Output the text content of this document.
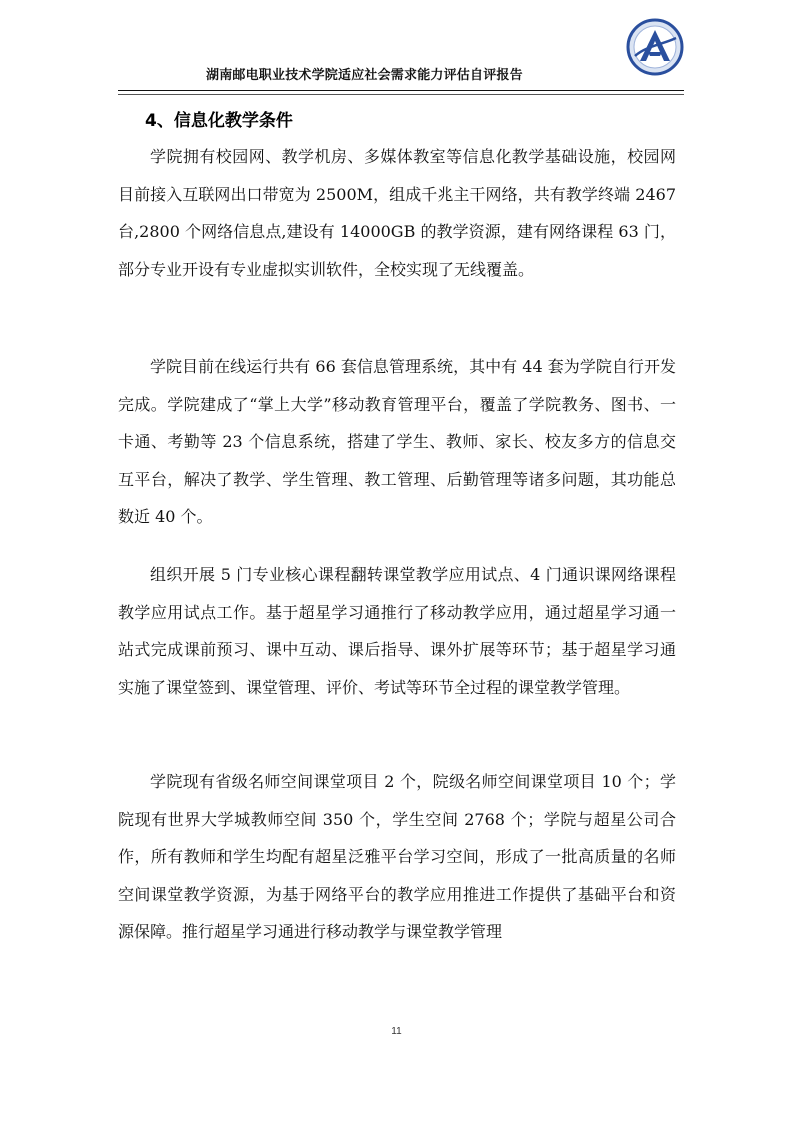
湖南邮电职业技术学院适应社会需求能力评估自评报告
4、信息化教学条件

学院拥有校园网、教学机房、多媒体教室等信息化教学基础设施，校园网目前接入互联网出口带宽为 2500M，组成千兆主干网络，共有教学终端 2467 台,2800 个网络信息点,建设有 14000GB 的教学资源，建有网络课程 63 门，部分专业开设有专业虚拟实训软件，全校实现了无线覆盖。

学院目前在线运行共有 66 套信息管理系统，其中有 44 套为学院自行开发完成。学院建成了“掌上大学”移动教育管理平台，覆盖了学院教务、图书、一卡通、考勤等 23 个信息系统，搭建了学生、教师、家长、校友多方的信息交互平台，解决了教学、学生管理、教工管理、后勤管理等诸多问题，其功能总数近 40 个。

组织开展 5 门专业核心课程翻转课堂教学应用试点、4 门通识课网络课程教学应用试点工作。基于超星学习通推行了移动教学应用，通过超星学习通一站式完成课前预习、课中互动、课后指导、课外扩展等环节；基于超星学习通实施了课堂签到、课堂管理、评价、考试等环节全过程的课堂教学管理。

学院现有省级名师空间课堂项目 2 个，院级名师空间课堂项目 10 个；学院现有世界大学城教师空间 350 个，学生空间 2768 个；学院与超星公司合作，所有教师和学生均配有超星泛雅平台学习空间，形成了一批高质量的名师空间课堂教学资源，为基于网络平台的教学应用推进工作提供了基础平台和资源保障。推行超星学习通进行移动教学与课堂教学管理

11
